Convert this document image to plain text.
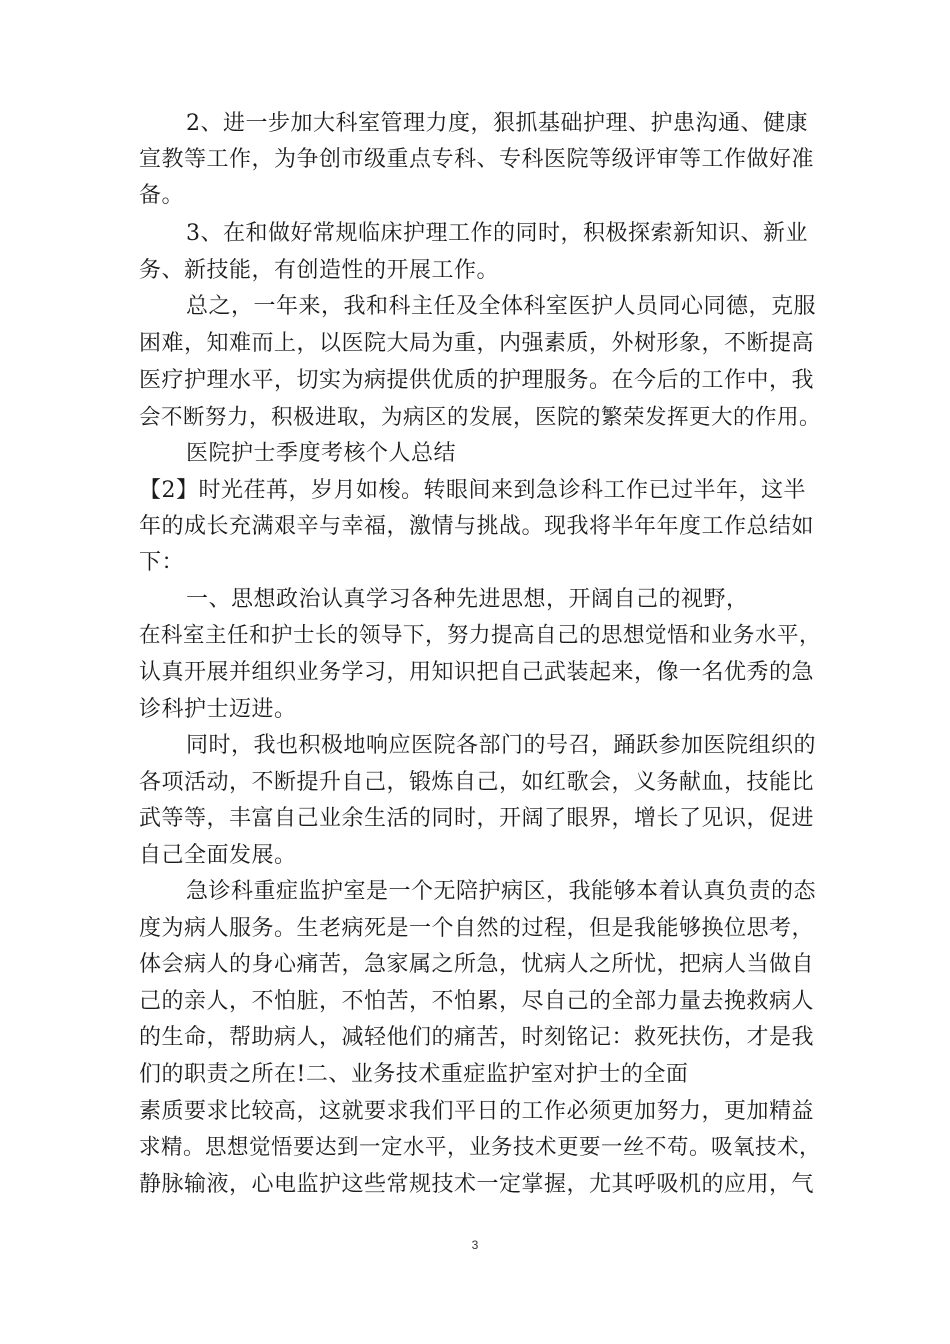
2、进一步加大科室管理力度，狠抓基础护理、护患沟通、健康
宣教等工作，为争创市级重点专科、专科医院等级评审等工作做好准
备。
3、在和做好常规临床护理工作的同时，积极探索新知识、新业
务、新技能，有创造性的开展工作。
总之，一年来，我和科主任及全体科室医护人员同心同德，克服
困难，知难而上，以医院大局为重，内强素质，外树形象，不断提高
医疗护理水平，切实为病提供优质的护理服务。在今后的工作中，我
会不断努力，积极进取，为病区的发展，医院的繁荣发挥更大的作用。
医院护士季度考核个人总结
【2】时光荏苒，岁月如梭。转眼间来到急诊科工作已过半年，这半
年的成长充满艰辛与幸福，激情与挑战。现我将半年年度工作总结如
下：
一、思想政治认真学习各种先进思想，开阔自己的视野，
在科室主任和护士长的领导下，努力提高自己的思想觉悟和业务水平，
认真开展并组织业务学习，用知识把自己武装起来，像一名优秀的急
诊科护士迈进。
同时，我也积极地响应医院各部门的号召，踊跃参加医院组织的
各项活动，不断提升自己，锻炼自己，如红歌会，义务献血，技能比
武等等，丰富自己业余生活的同时，开阔了眼界，增长了见识，促进
自己全面发展。
急诊科重症监护室是一个无陪护病区，我能够本着认真负责的态
度为病人服务。生老病死是一个自然的过程，但是我能够换位思考，
体会病人的身心痛苦，急家属之所急，忧病人之所忧，把病人当做自
己的亲人，不怕脏，不怕苦，不怕累，尽自己的全部力量去挽救病人
的生命，帮助病人，减轻他们的痛苦，时刻铭记：救死扶伤，才是我
们的职责之所在!二、业务技术重症监护室对护士的全面
素质要求比较高，这就要求我们平日的工作必须更加努力，更加精益
求精。思想觉悟要达到一定水平，业务技术更要一丝不苟。吸氧技术，
静脉输液，心电监护这些常规技术一定掌握，尤其呼吸机的应用，气
3
